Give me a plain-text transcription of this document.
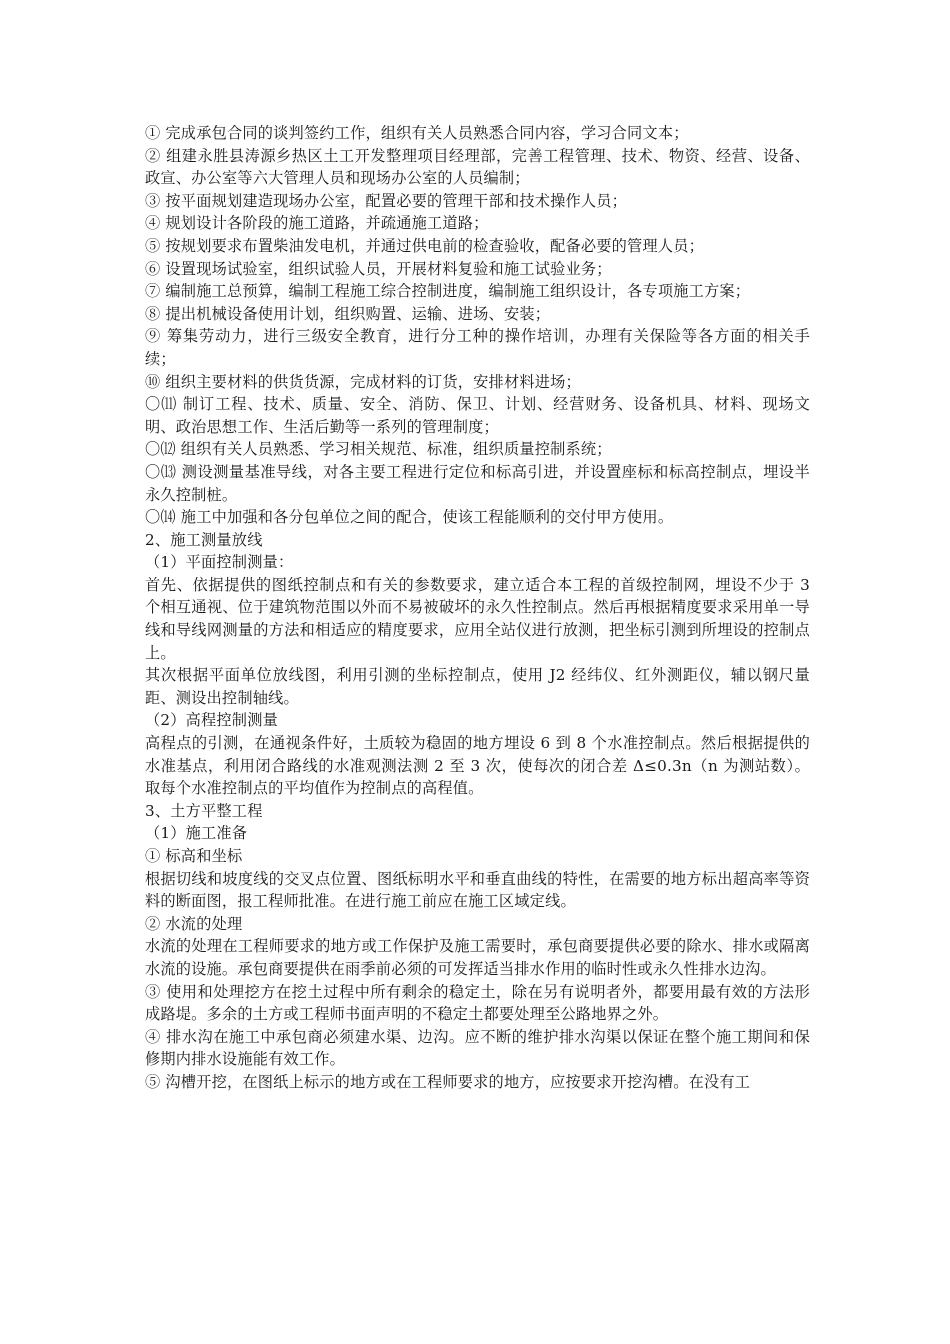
① 完成承包合同的谈判签约工作，组织有关人员熟悉合同内容，学习合同文本；

② 组建永胜县涛源乡热区土工开发整理项目经理部，完善工程管理、技术、物资、经营、设备、政宣、办公室等六大管理人员和现场办公室的人员编制；

③ 按平面规划建造现场办公室，配置必要的管理干部和技术操作人员；

④ 规划设计各阶段的施工道路，并疏通施工道路；

⑤ 按规划要求布置柴油发电机，并通过供电前的检查验收，配备必要的管理人员；

⑥ 设置现场试验室，组织试验人员，开展材料复验和施工试验业务；

⑦ 编制施工总预算，编制工程施工综合控制进度，编制施工组织设计，各专项施工方案；

⑧ 提出机械设备使用计划，组织购置、运输、进场、安装；

⑨ 筹集劳动力，进行三级安全教育，进行分工种的操作培训，办理有关保险等各方面的相关手续；

⑩ 组织主要材料的供货货源，完成材料的订货，安排材料进场；

〇⑾ 制订工程、技术、质量、安全、消防、保卫、计划、经营财务、设备机具、材料、现场文明、政治思想工作、生活后勤等一系列的管理制度；

〇⑿ 组织有关人员熟悉、学习相关规范、标准，组织质量控制系统；

〇⒀ 测设测量基准导线，对各主要工程进行定位和标高引进，并设置座标和标高控制点，埋设半永久控制桩。

〇⒁ 施工中加强和各分包单位之间的配合，使该工程能顺利的交付甲方使用。

2、施工测量放线

（1）平面控制测量：

首先、依据提供的图纸控制点和有关的参数要求，建立适合本工程的首级控制网，埋设不少于 3 个相互通视、位于建筑物范围以外而不易被破坏的永久性控制点。然后再根据精度要求采用单一导线和导线网测量的方法和相适应的精度要求，应用全站仪进行放测，把坐标引测到所埋设的控制点上。

其次根据平面单位放线图，利用引测的坐标控制点，使用 J2 经纬仪、红外测距仪，辅以钢尺量距、测设出控制轴线。

（2）高程控制测量

高程点的引测，在通视条件好，土质较为稳固的地方埋设 6 到 8 个水准控制点。然后根据提供的水准基点，利用闭合路线的水准观测法测 2 至 3 次，使每次的闭合差 Δ≤0.3n（n 为测站数）。取每个水准控制点的平均值作为控制点的高程值。

3、土方平整工程

（1）施工准备

① 标高和坐标

根据切线和坡度线的交叉点位置、图纸标明水平和垂直曲线的特性，在需要的地方标出超高率等资料的断面图，报工程师批准。在进行施工前应在施工区域定线。

② 水流的处理

水流的处理在工程师要求的地方或工作保护及施工需要时，承包商要提供必要的除水、排水或隔离水流的设施。承包商要提供在雨季前必须的可发挥适当排水作用的临时性或永久性排水边沟。

③ 使用和处理挖方在挖土过程中所有剩余的稳定土，除在另有说明者外，都要用最有效的方法形成路堤。多余的土方或工程师书面声明的不稳定土都要处理至公路地界之外。

④ 排水沟在施工中承包商必须建水渠、边沟。应不断的维护排水沟渠以保证在整个施工期间和保修期内排水设施能有效工作。

⑤ 沟槽开挖，在图纸上标示的地方或在工程师要求的地方，应按要求开挖沟槽。在没有工
